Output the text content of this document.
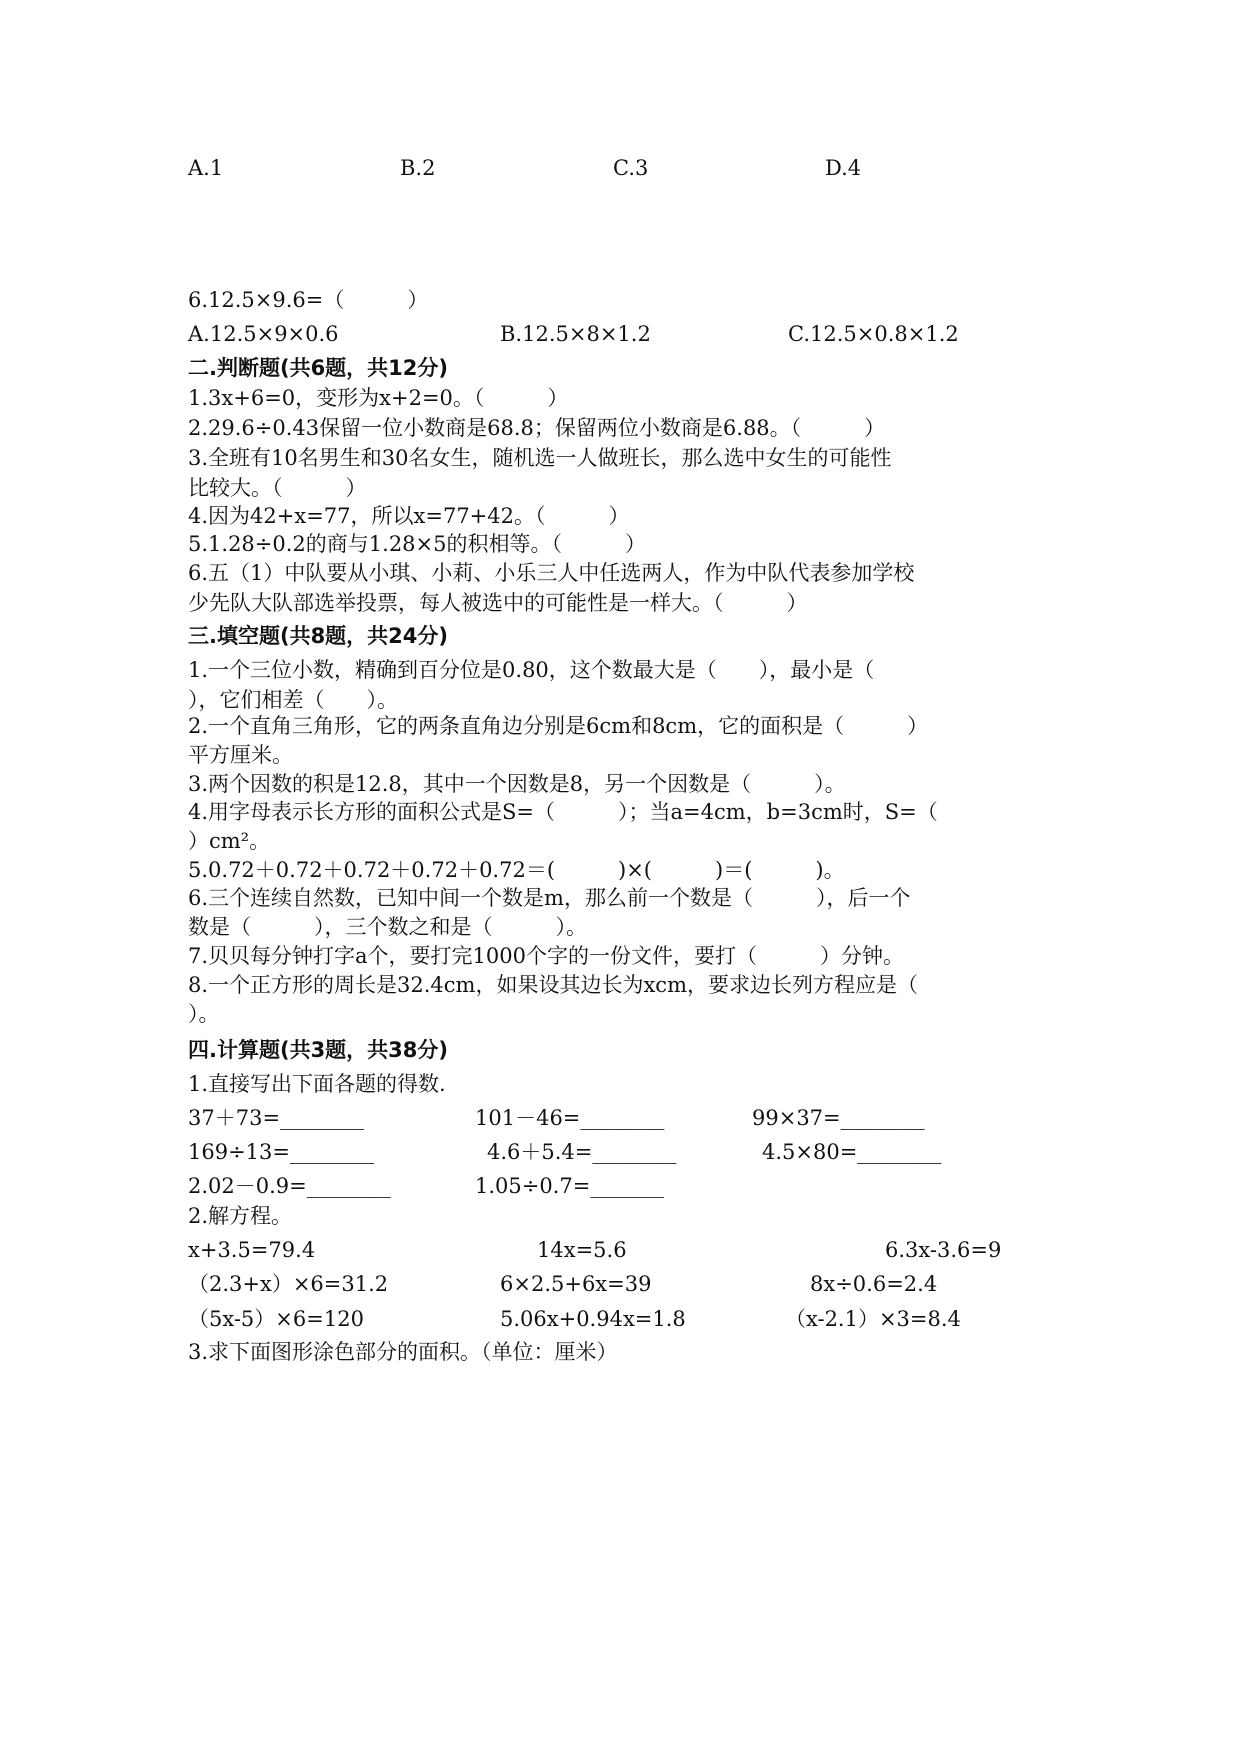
A.1	B.2	C.3	D.4
6.12.5×9.6=（　　　）
A.12.5×9×0.6	B.12.5×8×1.2	C.12.5×0.8×1.2
二.判断题(共6题，共12分)
1.3x+6=0，变形为x+2=0。（　　　）
2.29.6÷0.43保留一位小数商是68.8；保留两位小数商是6.88。（　　　）
3.全班有10名男生和30名女生，随机选一人做班长，那么选中女生的可能性
比较大。（　　　）
4.因为42+x=77，所以x=77+42。（　　　）
5.1.28÷0.2的商与1.28×5的积相等。（　　　）
6.五（1）中队要从小琪、小莉、小乐三人中任选两人，作为中队代表参加学校
少先队大队部选举投票，每人被选中的可能性是一样大。（　　　）
三.填空题(共8题，共24分)
1.一个三位小数，精确到百分位是0.80，这个数最大是（　　），最小是（
），它们相差（　　）。
2.一个直角三角形，它的两条直角边分别是6cm和8cm，它的面积是（　　　）
平方厘米。
3.两个因数的积是12.8，其中一个因数是8，另一个因数是（　　　）。
4.用字母表示长方形的面积公式是S=（　　　）；当a=4cm，b=3cm时，S=（
）cm²。
5.0.72＋0.72＋0.72＋0.72＋0.72＝(　　　)×(　　　)＝(　　　)。
6.三个连续自然数，已知中间一个数是m，那么前一个数是（　　　），后一个
数是（　　　），三个数之和是（　　　）。
7.贝贝每分钟打字a个，要打完1000个字的一份文件，要打（　　　）分钟。
8.一个正方形的周长是32.4cm，如果设其边长为xcm，要求边长列方程应是（
）。
四.计算题(共3题，共38分)
1.直接写出下面各题的得数.
37＋73=________	101－46=________	99×37=________
169÷13=________	4.6＋5.4=________	4.5×80=________
2.02－0.9=________	1.05÷0.7=_______
2.解方程。
x+3.5=79.4	14x=5.6	6.3x-3.6=9
（2.3+x）×6=31.2	6×2.5+6x=39	8x÷0.6=2.4
（5x-5）×6=120	5.06x+0.94x=1.8	（x-2.1）×3=8.4
3.求下面图形涂色部分的面积。（单位：厘米）
